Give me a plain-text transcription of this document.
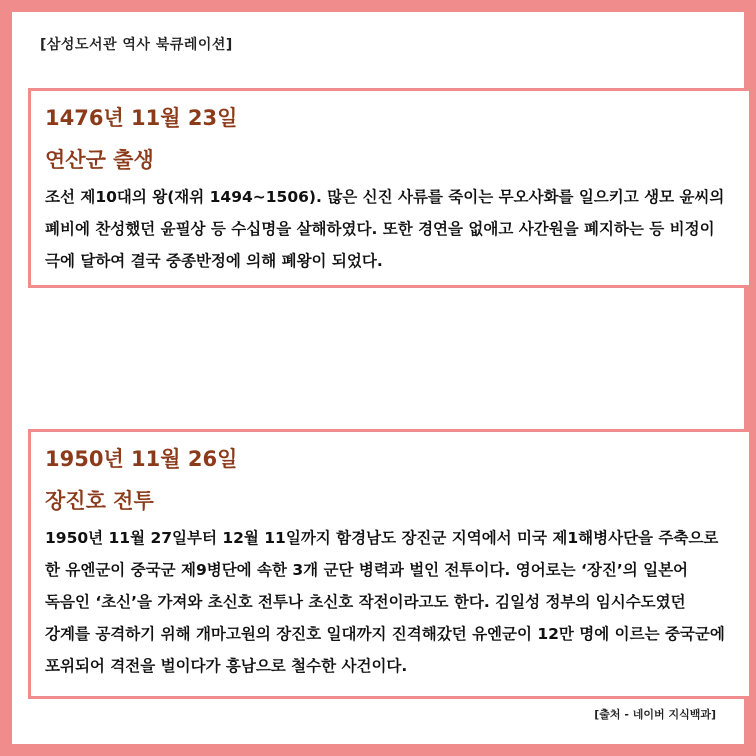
[삼성도서관 역사 북큐레이션]
1476년 11월 23일
연산군 출생

조선 제10대의 왕(재위 1494~1506). 많은 신진 사류를 죽이는 무오사화를 일으키고 생모 윤씨의 폐비에 찬성했던 윤필상 등 수십명을 살해하였다. 또한 경연을 없애고 사간원을 폐지하는 등 비정이 극에 달하여 결국 중종반정에 의해 폐왕이 되었다.

1950년 11월 26일
장진호 전투

1950년 11월 27일부터 12월 11일까지 함경남도 장진군 지역에서 미국 제1해병사단을 주축으로 한 유엔군이 중국군 제9병단에 속한 3개 군단 병력과 벌인 전투이다. 영어로는 ‘장진’의 일본어 독음인 ‘초신’을 가져와 초신호 전투나 초신호 작전이라고도 한다. 김일성 정부의 임시수도였던 강계를 공격하기 위해 개마고원의 장진호 일대까지 진격해갔던 유엔군이 12만 명에 이르는 중국군에 포위되어 격전을 벌이다가 흥남으로 철수한 사건이다.

[출처 - 네이버 지식백과]
